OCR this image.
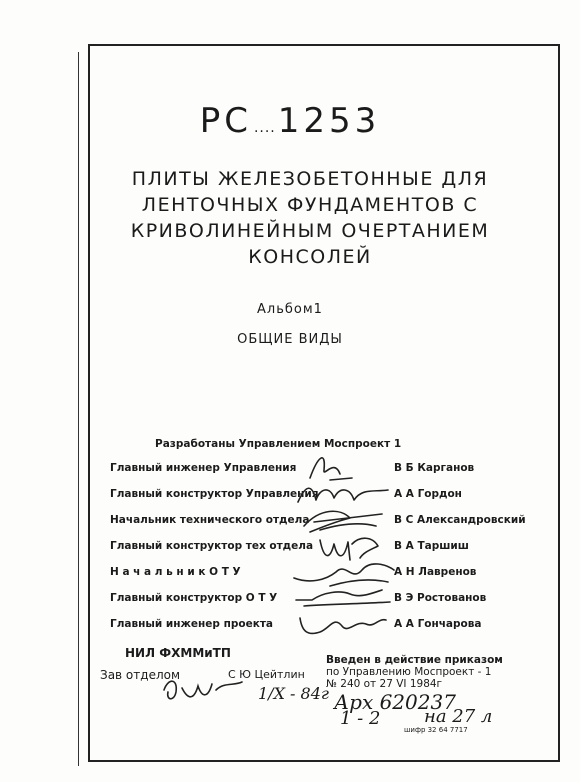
РС ....1253
ПЛИТЫ ЖЕЛЕЗОБЕТОННЫЕ ДЛЯ
ЛЕНТОЧНЫХ ФУНДАМЕНТОВ С
КРИВОЛИНЕЙНЫМ ОЧЕРТАНИЕМ
КОНСОЛЕЙ
Альбом1
ОБЩИЕ ВИДЫ
Разработаны Управлением Моспроект 1
Главный инженер Управления	В Б Карганов
Главный конструктор Управления	А А Гордон
Начальник технического отдела	В С Александровский
Главный конструктор тех отдела	В А Таршиш
Н а ч а л ь н и к О Т У	А Н Лавренов
Главный конструктор О Т У	В Э Ростованов
Главный инженер проекта	А А Гончарова
НИЛ ФХММиТП
Зав отделом	С Ю Цейтлин
Введен в действие приказом
по Управлению Моспроект - 1
№ 240 от 27 VI 1984г
1/X - 84г Арх 620237
1 - 2 на 27 л
шифр 32 64 7717
